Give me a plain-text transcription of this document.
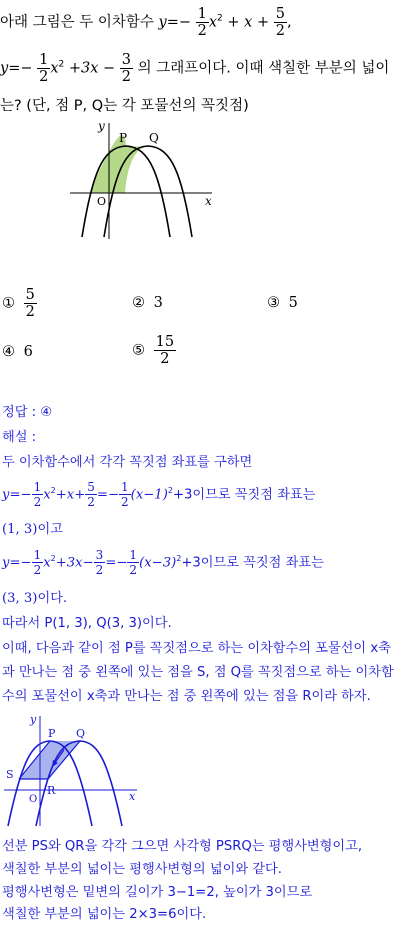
아래 그림은 두 이차함수 $y=- \frac{1}{2} x^2 + x + \frac{5}{2}$ ,
$y=- \frac{1}{2} x^2 +3x - \frac{3}{2}$ 의 그래프이다. 이때 색칠한 부분의 넓이
는? (단, 점 P, Q는 각 포물선의 꼭짓점)
y
x
O
P Q
① $\frac{5}{2}$	② 3	③ 5
④ 6	⑤ $\frac{15}{2}$
정답 : ④
해설 :
두 이차함수에서 각각 꼭짓점 좌표를 구하면
$y=- \frac{1}{2} x^2+x+ \frac{5}{2} =- \frac{1}{2} (x-1)^2+3$이므로 꼭짓점 좌표는
(1, 3)이고
$y=- \frac{1}{2} x^2+3x- \frac{3}{2} =- \frac{1}{2} (x-3)^2+3$이므로 꼭짓점 좌표는
(3, 3)이다.
따라서 P(1, 3), Q(3, 3)이다.
이때, 다음과 같이 점 P를 꼭짓점으로 하는 이차함수의 포물선이 x축
과 만나는 점 중 왼쪽에 있는 점을 S, 점 Q를 꼭짓점으로 하는 이차함
수의 포물선이 x축과 만나는 점 중 왼쪽에 있는 점을 R이라 하자.
y
x
O
P Q
S
R
선분 PS와 QR을 각각 그으면 사각형 PSRQ는 평행사변형이고,
색칠한 부분의 넓이는 평행사변형의 넓이와 같다.
평행사변형은 밑변의 길이가 3−1=2, 높이가 3이므로
색칠한 부분의 넓이는 2×3=6이다.
